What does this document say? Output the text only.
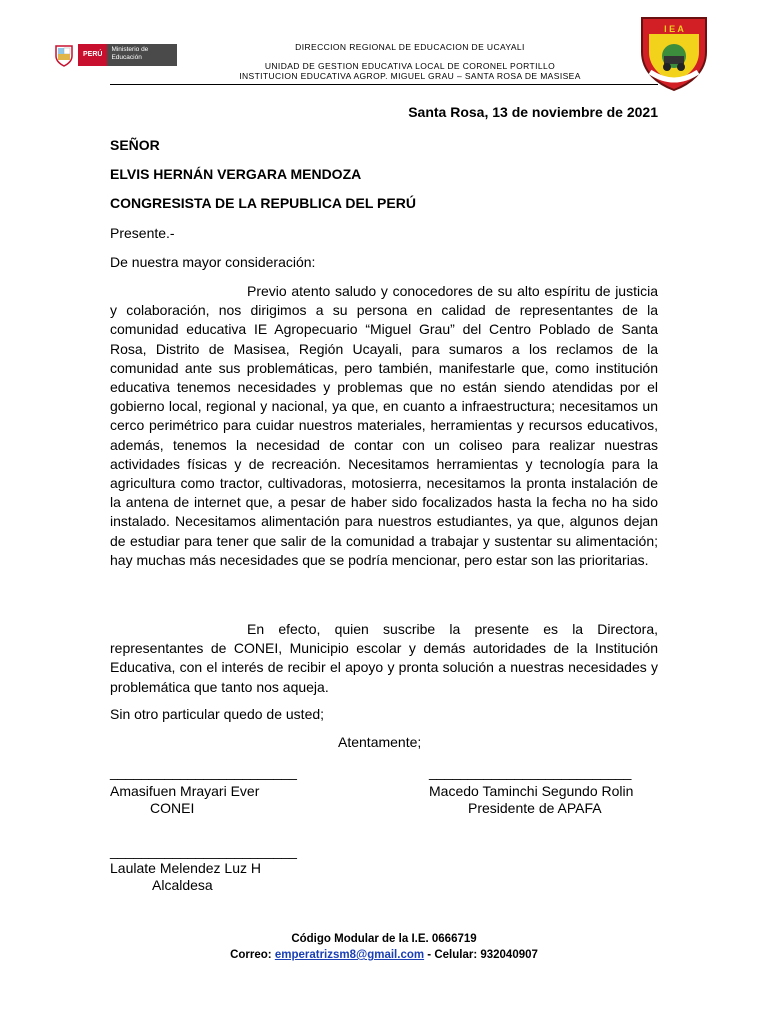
PERÚ
Ministerio de Educación
DIRECCION REGIONAL DE EDUCACION DE UCAYALI
UNIDAD DE GESTION EDUCATIVA LOCAL DE CORONEL PORTILLO
INSTITUCION EDUCATIVA AGROP. MIGUEL GRAU – SANTA ROSA DE MASISEA
I E A
Santa Rosa, 13 de noviembre de 2021
SEÑOR
ELVIS HERNÁN VERGARA MENDOZA
CONGRESISTA DE LA REPUBLICA DEL PERÚ
Presente.-
De nuestra mayor consideración:

Previo atento saludo y conocedores de su alto espíritu de justicia y colaboración, nos dirigimos a su persona en calidad de representantes de la comunidad educativa IE Agropecuario “Miguel Grau” del Centro Poblado de Santa Rosa, Distrito de Masisea, Región Ucayali, para sumaros a los reclamos de la comunidad ante sus problemáticas, pero también, manifestarle que, como institución educativa tenemos necesidades y problemas que no están siendo atendidas por el gobierno local, regional y nacional, ya que, en cuanto a infraestructura; necesitamos un cerco perimétrico para cuidar nuestros materiales, herramientas y recursos educativos, además, tenemos la necesidad de contar con un coliseo para realizar nuestras actividades físicas y de recreación. Necesitamos herramientas y tecnología para la agricultura como tractor, cultivadoras, motosierra, necesitamos la pronta instalación de la antena de internet que, a pesar de haber sido focalizados hasta la fecha no ha sido instalado. Necesitamos alimentación para nuestros estudiantes, ya que, algunos dejan de estudiar para tener que salir de la comunidad a trabajar y sustentar su alimentación; hay muchas más necesidades que se podría mencionar, pero estar son las prioritarias.

En efecto, quien suscribe la presente es la Directora, representantes de CONEI, Municipio escolar y demás autoridades de la Institución Educativa, con el interés de recibir el apoyo y pronta solución a nuestras necesidades y problemática que tanto nos aqueja.

Sin otro particular quedo de usted;
Atentamente;
________________________
Amasifuen Mrayari Ever
CONEI
__________________________
Macedo Taminchi Segundo Rolin
Presidente de APAFA
________________________
Laulate Melendez Luz H
Alcaldesa
Código Modular de la I.E. 0666719
Correo: emperatrizsm8@gmail.com - Celular: 932040907
